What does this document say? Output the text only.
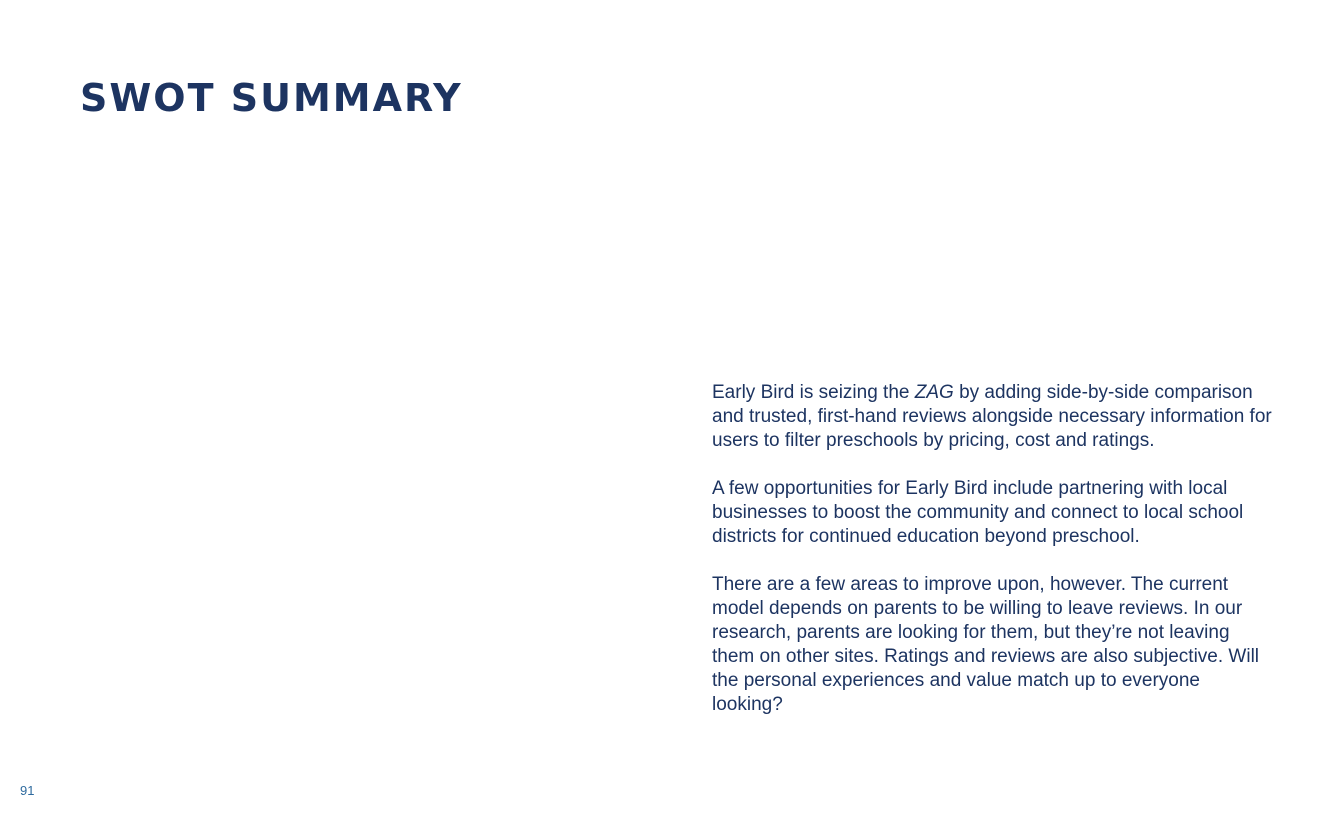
SWOT SUMMARY

Early Bird is seizing the ZAG by adding side-by-side comparison and trusted, first-hand reviews alongside necessary information for users to filter preschools by pricing, cost and ratings.

A few opportunities for Early Bird include partnering with local businesses to boost the community and connect to local school districts for continued education beyond preschool.

There are a few areas to improve upon, however. The current model depends on parents to be willing to leave reviews. In our research, parents are looking for them, but they’re not leaving them on other sites. Ratings and reviews are also subjective. Will the personal experiences and value match up to everyone looking?

91
